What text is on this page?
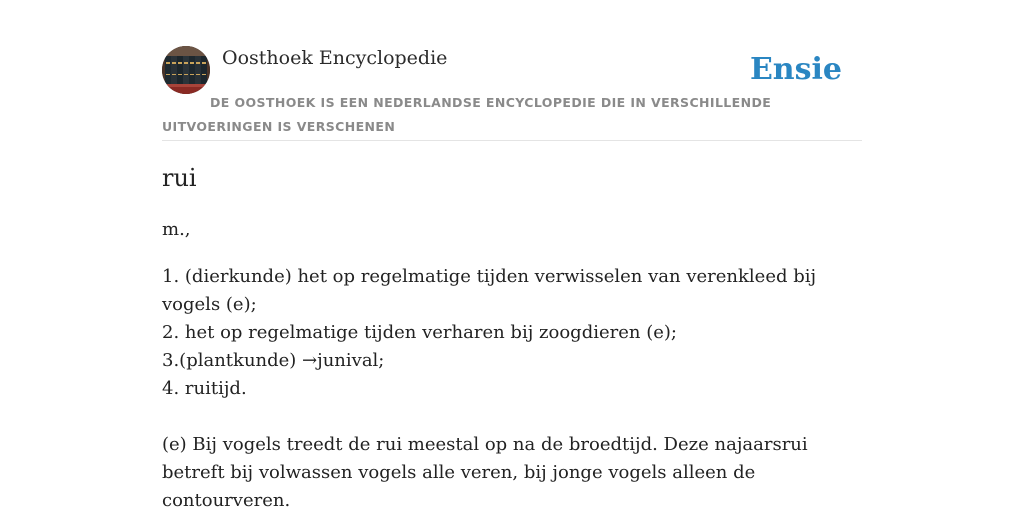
Oosthoek Encyclopedie	Ensie
DE OOSTHOEK IS EEN NEDERLANDSE ENCYCLOPEDIE DIE IN VERSCHILLENDE UITVOERINGEN IS VERSCHENEN
rui
m.,
1. (dierkunde) het op regelmatige tijden verwisselen van verenkleed bij vogels (e);
2. het op regelmatige tijden verharen bij zoogdieren (e);
3.(plantkunde) →junival;
4. ruitijd.
(e) Bij vogels treedt de rui meestal op na de broedtijd. Deze najaarsrui betreft bij volwassen vogels alle veren, bij jonge vogels alleen de contourveren.
